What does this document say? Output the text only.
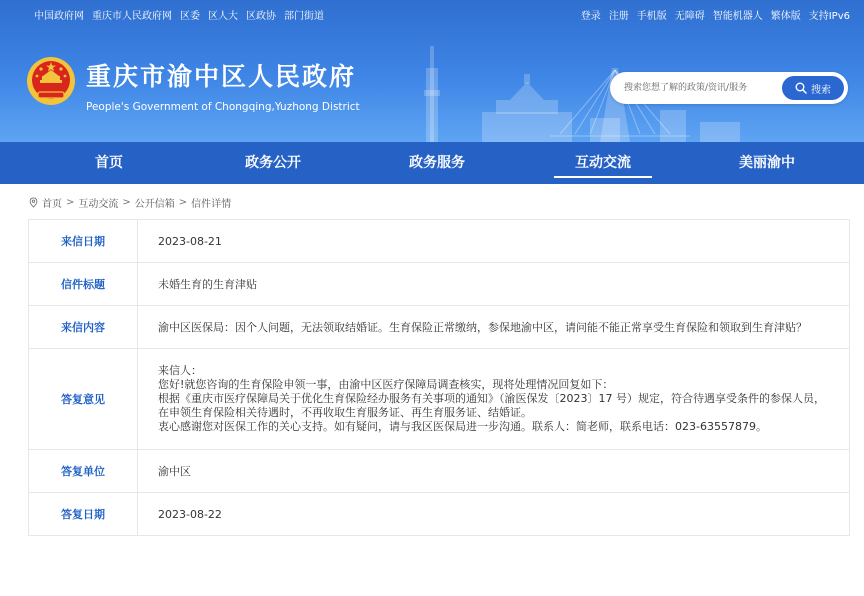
中国政府网 重庆市人民政府网 区委 区人大 区政协 部门街道	登录 注册 手机版 无障碍 智能机器人 繁体版 支持IPv6
重庆市渝中区人民政府
People's Government of Chongqing,Yuzhong District
搜索您想了解的政策/资讯/服务
搜索
首页	政务公开	政务服务	互动交流	美丽渝中
首页 > 互动交流 > 公开信箱 > 信件详情
来信日期	2023-08-21
信件标题	未婚生育的生育津贴
来信内容	渝中区医保局：因个人问题，无法领取结婚证。生育保险正常缴纳，参保地渝中区，请问能不能正常享受生育保险和领取到生育津贴？
答复意见	来信人：
您好!就您咨询的生育保险申领一事，由渝中区医疗保障局调查核实，现将处理情况回复如下：
根据《重庆市医疗保障局关于优化生育保险经办服务有关事项的通知》（渝医保发〔2023〕17 号）规定，符合待遇享受条件的参保人员，
在申领生育保险相关待遇时，不再收取生育服务证、再生育服务证、结婚证。
衷心感谢您对医保工作的关心支持。如有疑问，请与我区医保局进一步沟通。联系人：简老师，联系电话：023-63557879。

答复单位	渝中区
答复日期	2023-08-22
